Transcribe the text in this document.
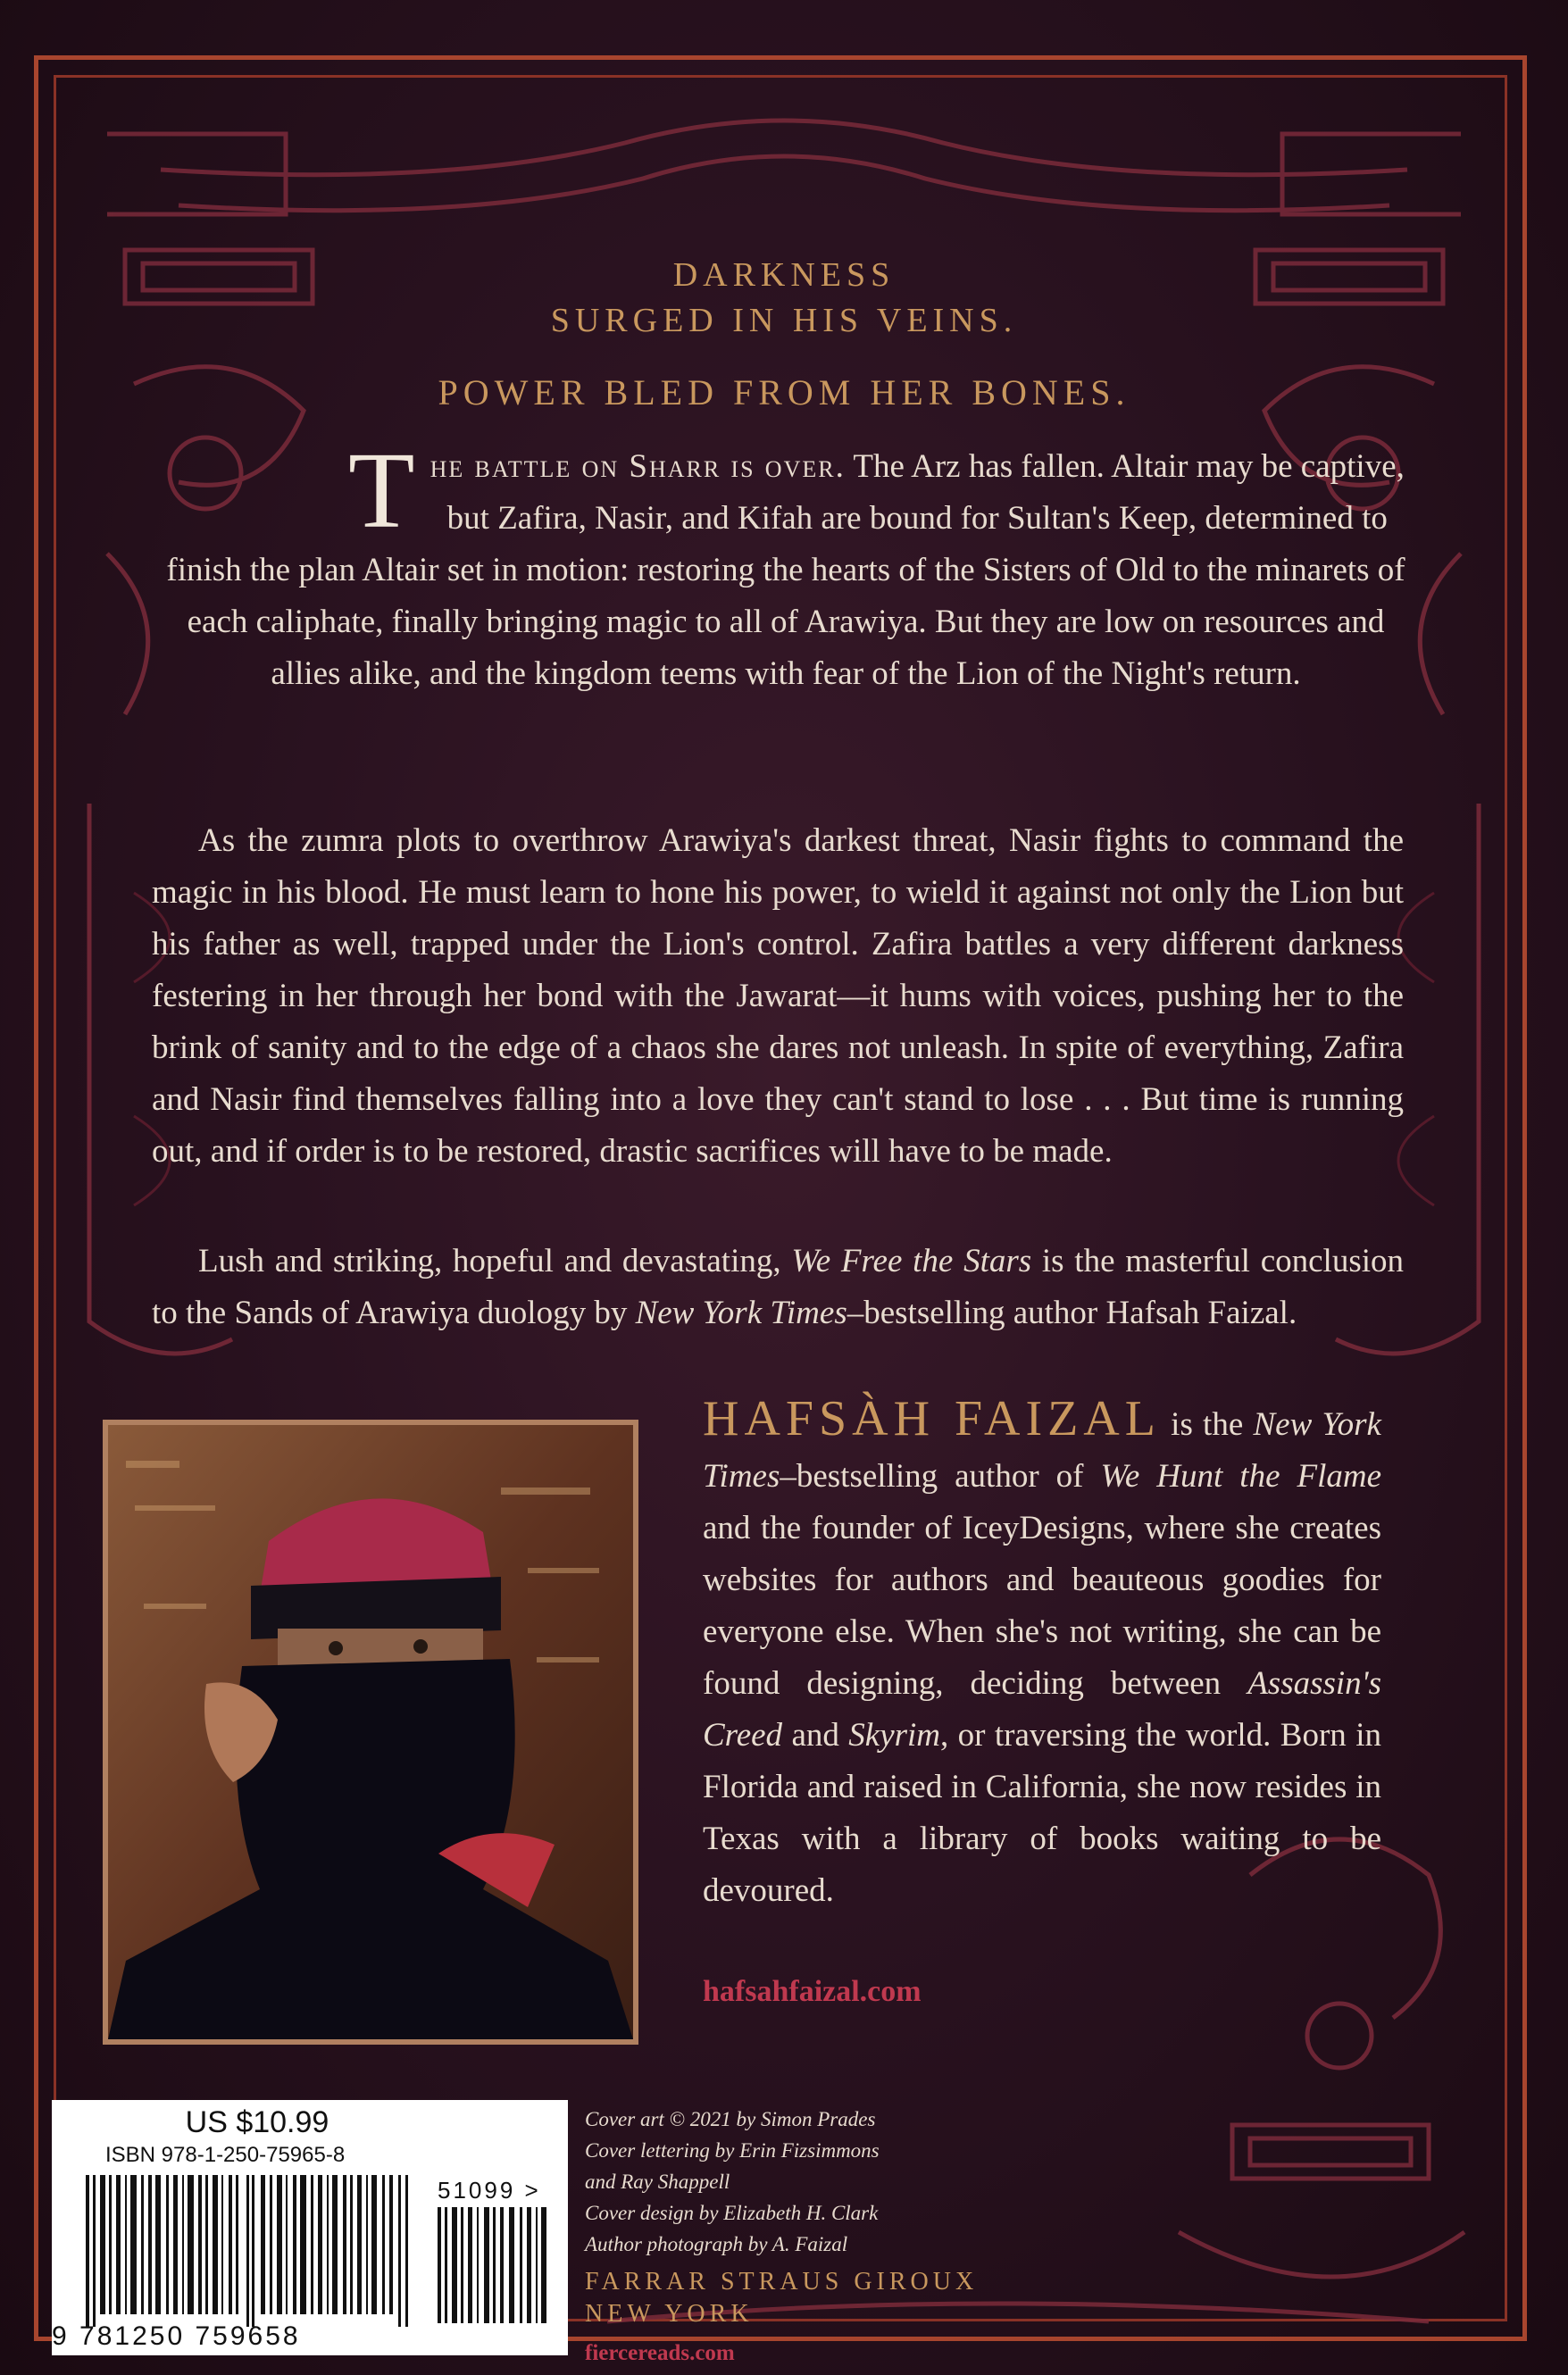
DARKNESS
SURGED IN HIS VEINS.
POWER BLED FROM HER BONES.
T he battle on Sharr is over. The Arz has fallen. Altair may be captive, but Zafira, Nasir, and Kifah are bound for Sultan's Keep, determined to finish the plan Altair set in motion: restoring the hearts of the Sisters of Old to the minarets of each caliphate, finally bringing magic to all of Arawiya. But they are low on resources and allies alike, and the kingdom teems with fear of the Lion of the Night's return.
As the zumra plots to overthrow Arawiya's darkest threat, Nasir fights to command the magic in his blood. He must learn to hone his power, to wield it against not only the Lion but his father as well, trapped under the Lion's control. Zafira battles a very different darkness festering in her through her bond with the Jawarat—it hums with voices, pushing her to the brink of sanity and to the edge of a chaos she dares not unleash. In spite of everything, Zafira and Nasir find themselves falling into a love they can't stand to lose . . . But time is running out, and if order is to be restored, drastic sacrifices will have to be made.
Lush and striking, hopeful and devastating, We Free the Stars is the masterful conclusion to the Sands of Arawiya duology by New York Times–bestselling author Hafsah Faizal.
HAFSÀH FAIZAL is the New York Times–bestselling author of We Hunt the Flame and the founder of IceyDesigns, where she creates websites for authors and beauteous goodies for everyone else. When she's not writing, she can be found designing, deciding between Assassin's Creed and Skyrim, or traversing the world. Born in Florida and raised in California, she now resides in Texas with a library of books waiting to be devoured.
hafsahfaizal.com
US $10.99
ISBN 978-1-250-75965-8
51099 >
9 781250 759658
Cover art © 2021 by Simon Prades
Cover lettering by Erin Fizsimmons
and Ray Shappell
Cover design by Elizabeth H. Clark
Author photograph by A. Faizal
FARRAR STRAUS GIROUX
NEW YORK
fiercereads.com
